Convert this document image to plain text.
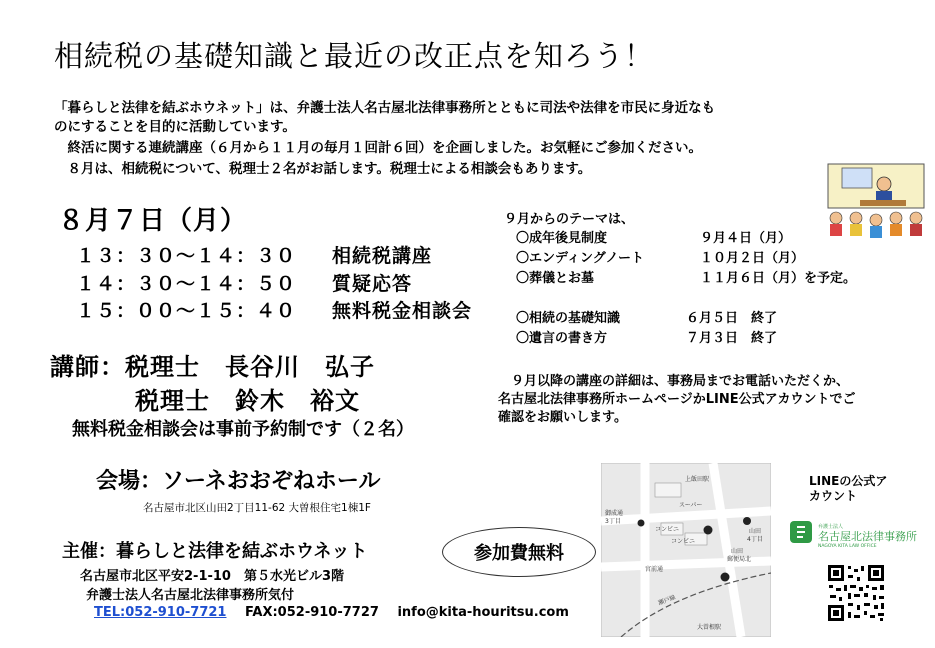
相続税の基礎知識と最近の改正点を知ろう！
「暮らしと法律を結ぶホウネット」は、弁護士法人名古屋北法律事務所とともに司法や法律を市民に身近なも
のにすることを目的に活動しています。
　終活に関する連続講座（６月から１１月の毎月１回計６回）を企画しました。お気軽にご参加ください。
　８月は、相続税について、税理士２名がお話します。税理士による相談会もあります。
８月７日（月）
１３：３０～１４：３０ 相続税講座
１４：３０～１４：５０ 質疑応答
１５：００～１５：４０ 無料税金相談会
講師：税理士　長谷川　弘子
税理士　鈴木　裕文
無料税金相談会は事前予約制です（２名）
会場：ソーネおおぞねホール
名古屋市北区山田2丁目11-62 大曽根住宅1棟1F
主催：暮らしと法律を結ぶホウネット
名古屋市北区平安2-1-10　第５水光ビル3階
弁護士法人名古屋北法律事務所気付
TEL:052-910-7721 FAX:052-910-7727 info@kita-houritsu.com
参加費無料
９月からのテーマは、
〇成年後見制度	９月４日（月）
〇エンディングノート	１０月２日（月）
〇葬儀とお墓	１１月６日（月）を予定。
〇相続の基礎知識	６月５日　終了
〇遺言の書き方	７月３日　終了
　９月以降の講座の詳細は、事務局までお電話いただくか、
名古屋北法律事務所ホームページかLINE公式アカウントでご
確認をお願いします。
上飯田駅
御成通
3丁目
スーパー
コンビニ
コンビニ
山田
4丁目
山田
郵便局北
宮前通
瀬戸線
大曽根駅
LINEの公式アカウント
弁護士法人
名古屋北法律事務所
NAGOYA KITA LAW OFFICE
